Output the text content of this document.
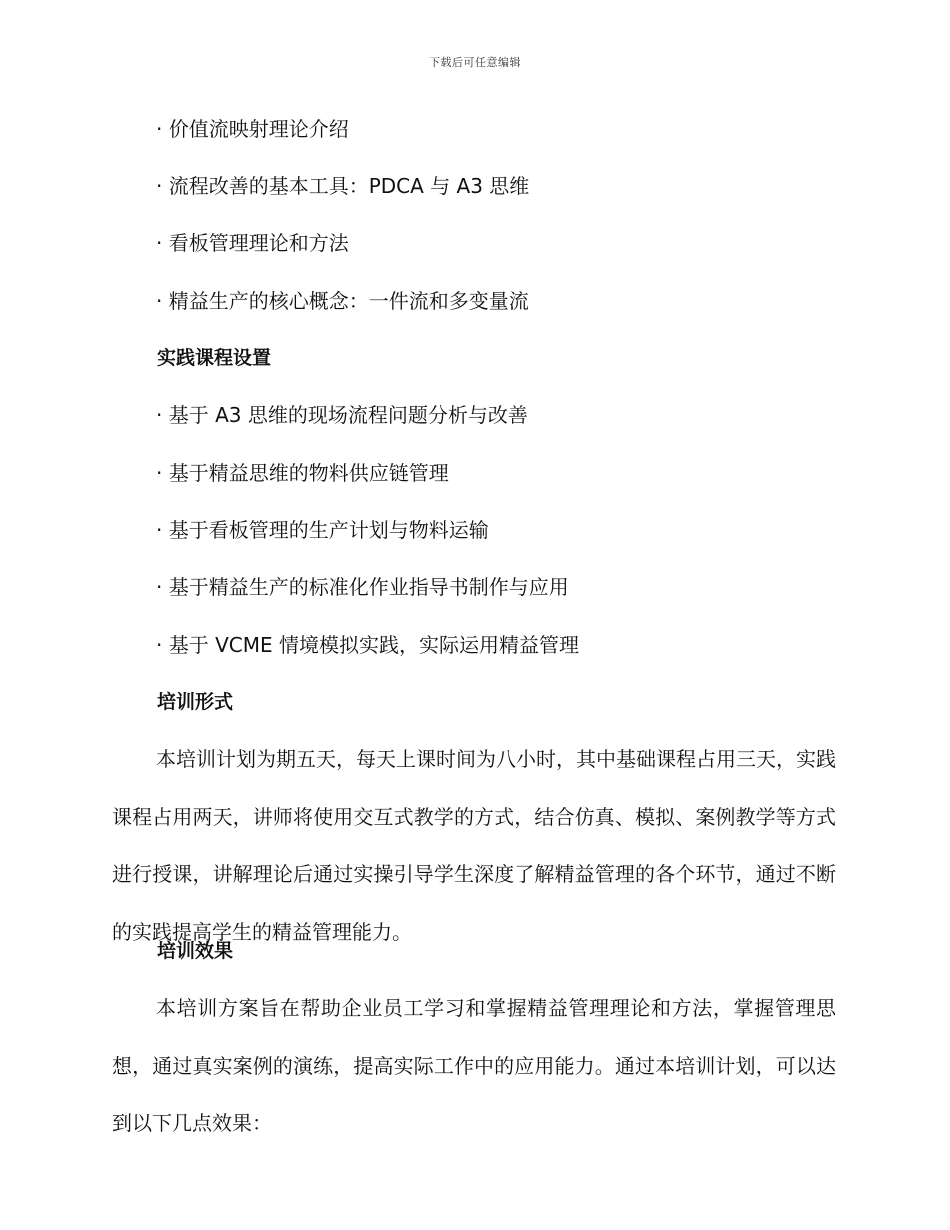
下载后可任意编辑
· 价值流映射理论介绍
· 流程改善的基本工具：PDCA 与 A3 思维
· 看板管理理论和方法
· 精益生产的核心概念：一件流和多变量流
实践课程设置
· 基于 A3 思维的现场流程问题分析与改善
· 基于精益思维的物料供应链管理
· 基于看板管理的生产计划与物料运输
· 基于精益生产的标准化作业指导书制作与应用
· 基于 VCME 情境模拟实践，实际运用精益管理
培训形式
本培训计划为期五天，每天上课时间为八小时，其中基础课程占用三天，实践课程占用两天，讲师将使用交互式教学的方式，结合仿真、模拟、案例教学等方式进行授课，讲解理论后通过实操引导学生深度了解精益管理的各个环节，通过不断的实践提高学生的精益管理能力。
培训效果
本培训方案旨在帮助企业员工学习和掌握精益管理理论和方法，掌握管理思想，通过真实案例的演练，提高实际工作中的应用能力。通过本培训计划，可以达到以下几点效果：
